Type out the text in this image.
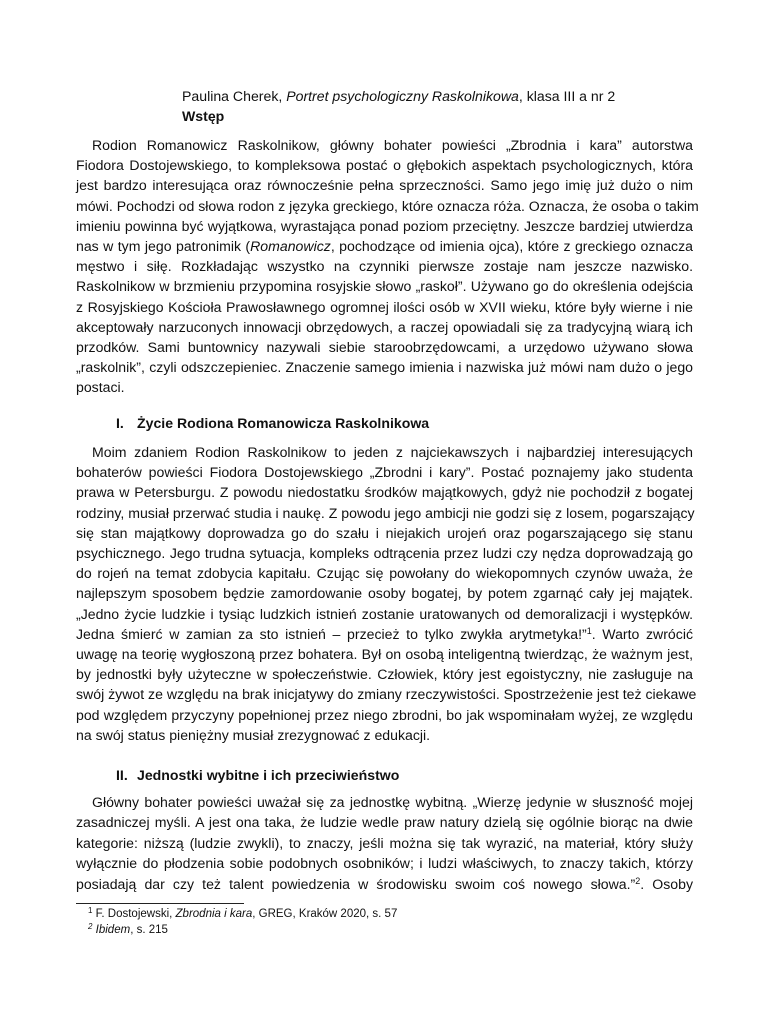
Paulina Cherek, Portret psychologiczny Raskolnikowa, klasa III a nr 2
Wstęp
Rodion Romanowicz Raskolnikow, główny bohater powieści „Zbrodnia i kara” autorstwa
Fiodora Dostojewskiego, to kompleksowa postać o głębokich aspektach psychologicznych, która
jest bardzo interesująca oraz równocześnie pełna sprzeczności. Samo jego imię już dużo o nim
mówi. Pochodzi od słowa rodon z języka greckiego, które oznacza róża. Oznacza, że osoba o takim
imieniu powinna być wyjątkowa, wyrastająca ponad poziom przeciętny. Jeszcze bardziej utwierdza
nas w tym jego patronimik (Romanowicz, pochodzące od imienia ojca), które z greckiego oznacza
męstwo i siłę. Rozkładając wszystko na czynniki pierwsze zostaje nam jeszcze nazwisko.
Raskolnikow w brzmieniu przypomina rosyjskie słowo „raskoł”. Używano go do określenia odejścia
z Rosyjskiego Kościoła Prawosławnego ogromnej ilości osób w XVII wieku, które były wierne i nie
akceptowały narzuconych innowacji obrzędowych, a raczej opowiadali się za tradycyjną wiarą ich
przodków. Sami buntownicy nazywali siebie staroobrzędowcami, a urzędowo używano słowa
„raskolnik”, czyli odszczepieniec. Znaczenie samego imienia i nazwiska już mówi nam dużo o jego
postaci.
I. Życie Rodiona Romanowicza Raskolnikowa
Moim zdaniem Rodion Raskolnikow to jeden z najciekawszych i najbardziej interesujących
bohaterów powieści Fiodora Dostojewskiego „Zbrodni i kary”. Postać poznajemy jako studenta
prawa w Petersburgu. Z powodu niedostatku środków majątkowych, gdyż nie pochodził z bogatej
rodziny, musiał przerwać studia i naukę. Z powodu jego ambicji nie godzi się z losem, pogarszający
się stan majątkowy doprowadza go do szału i niejakich urojeń oraz pogarszającego się stanu
psychicznego. Jego trudna sytuacja, kompleks odtrącenia przez ludzi czy nędza doprowadzają go
do rojeń na temat zdobycia kapitału. Czując się powołany do wiekopomnych czynów uważa, że
najlepszym sposobem będzie zamordowanie osoby bogatej, by potem zgarnąć cały jej majątek.
„Jedno życie ludzkie i tysiąc ludzkich istnień zostanie uratowanych od demoralizacji i występków.
Jedna śmierć w zamian za sto istnień – przecież to tylko zwykła arytmetyka!”$^1$. Warto zwrócić
uwagę na teorię wygłoszoną przez bohatera. Był on osobą inteligentną twierdząc, że ważnym jest,
by jednostki były użyteczne w społeczeństwie. Człowiek, który jest egoistyczny, nie zasługuje na
swój żywot ze względu na brak inicjatywy do zmiany rzeczywistości. Spostrzeżenie jest też ciekawe
pod względem przyczyny popełnionej przez niego zbrodni, bo jak wspominałam wyżej, ze względu
na swój status pieniężny musiał zrezygnować z edukacji.
II. Jednostki wybitne i ich przeciwieństwo
Główny bohater powieści uważał się za jednostkę wybitną. „Wierzę jedynie w słuszność mojej
zasadniczej myśli. A jest ona taka, że ludzie wedle praw natury dzielą się ogólnie biorąc na dwie
kategorie: niższą (ludzie zwykli), to znaczy, jeśli można się tak wyrazić, na materiał, który służy
wyłącznie do płodzenia sobie podobnych osobników; i ludzi właściwych, to znaczy takich, którzy
posiadają dar czy też talent powiedzenia w środowisku swoim coś nowego słowa.”$^2$. Osoby
$^1$ F. Dostojewski, Zbrodnia i kara, GREG, Kraków 2020, s. 57
$^2$ Ibidem, s. 215
